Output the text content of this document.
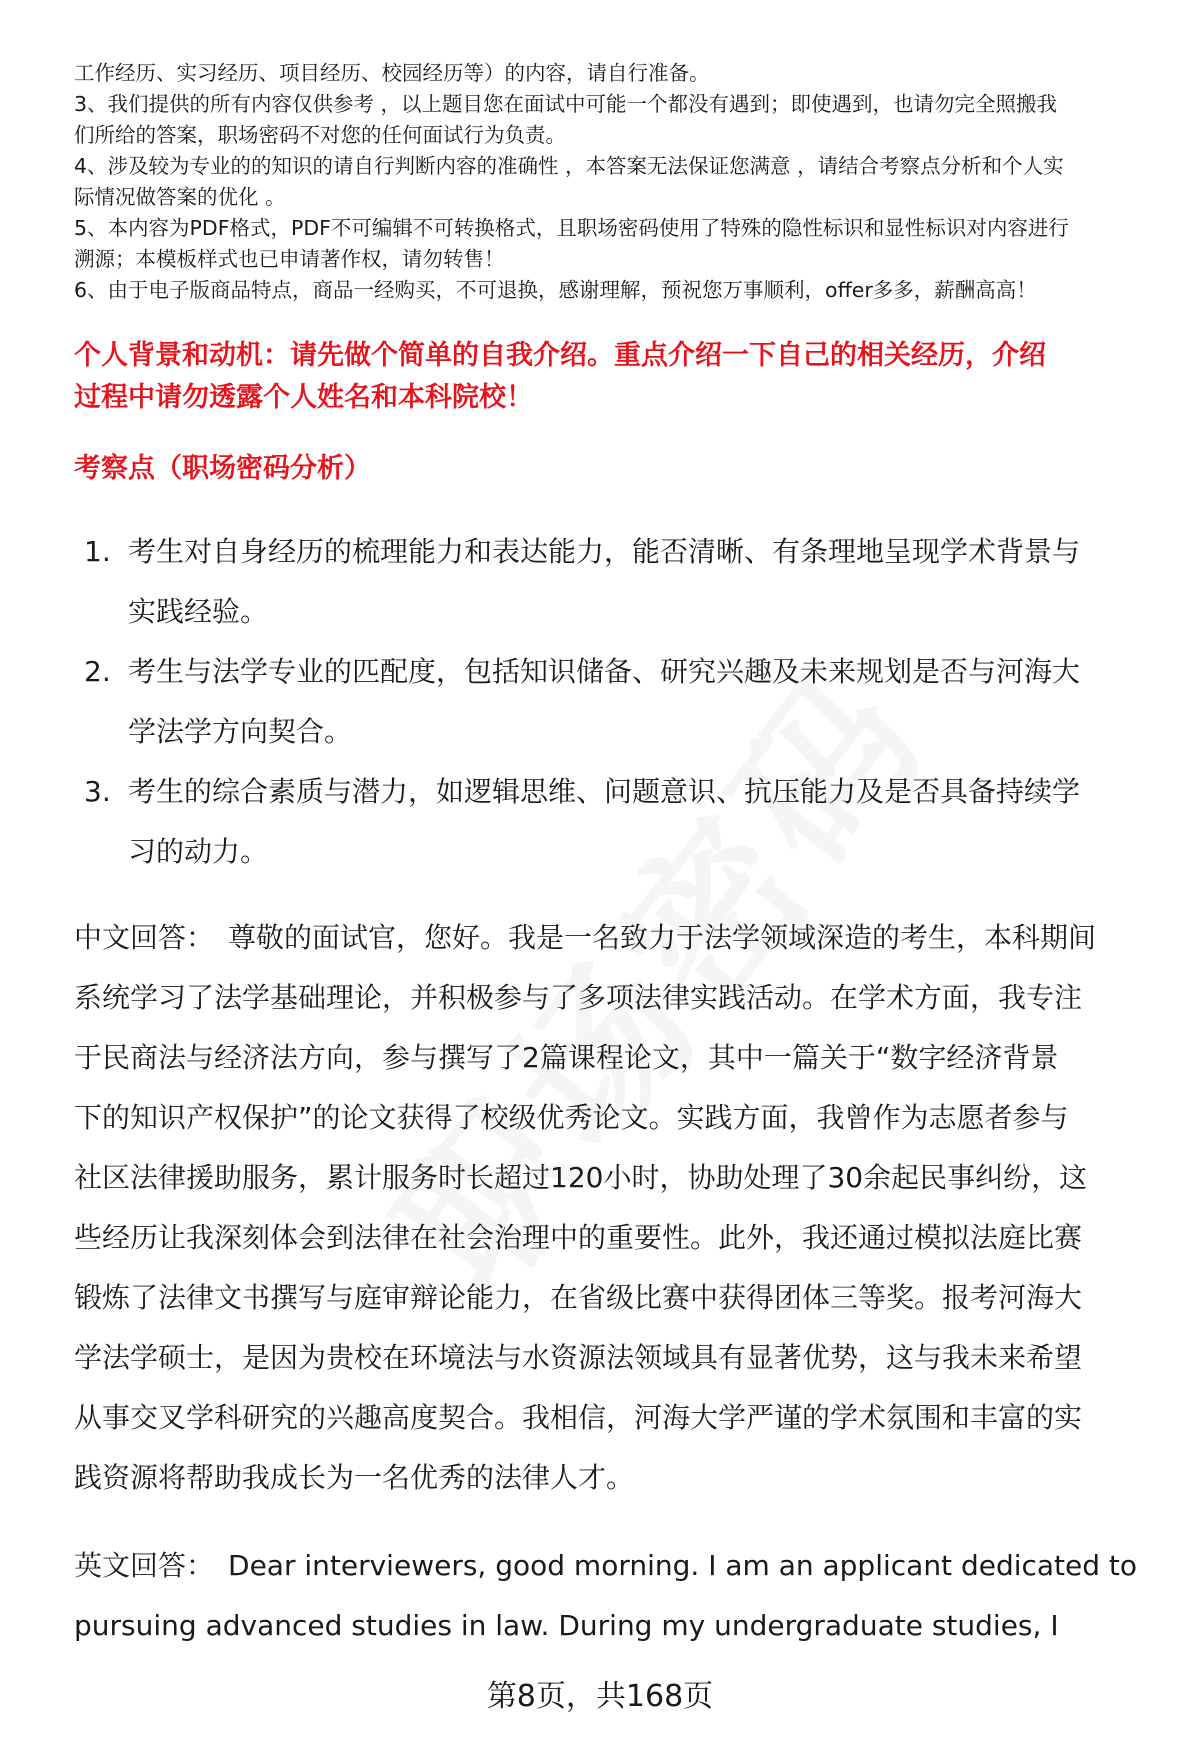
工作经历、实习经历、项目经历、校园经历等）的内容，请自行准备。

3、我们提供的所有内容仅供参考 ，以上题目您在面试中可能一个都没有遇到；即使遇到，也请勿完全照搬我

们所给的答案，职场密码不对您的任何面试行为负责。

4、涉及较为专业的的知识的请自行判断内容的准确性 ，本答案无法保证您满意 ，请结合考察点分析和个人实

际情况做答案的优化 。

5、本内容为PDF格式，PDF不可编辑不可转换格式，且职场密码使用了特殊的隐性标识和显性标识对内容进行

溯源；本模板样式也已申请著作权，请勿转售！

6、由于电子版商品特点，商品一经购买，不可退换，感谢理解，预祝您万事顺利，offer多多，薪酬高高！

个人背景和动机：请先做个简单的自我介绍。重点介绍一下自己的相关经历，介绍
过程中请勿透露个人姓名和本科院校！
考察点（职场密码分析）
1. 考生对自身经历的梳理能力和表达能力，能否清晰、有条理地呈现学术背景与
实践经验。
2. 考生与法学专业的匹配度，包括知识储备、研究兴趣及未来规划是否与河海大
学法学方向契合。
3. 考生的综合素质与潜力，如逻辑思维、问题意识、抗压能力及是否具备持续学
习的动力。
中文回答： 尊敬的面试官，您好。我是一名致力于法学领域深造的考生，本科期间
系统学习了法学基础理论，并积极参与了多项法律实践活动。在学术方面，我专注
于民商法与经济法方向，参与撰写了2篇课程论文，其中一篇关于“数字经济背景
下的知识产权保护”的论文获得了校级优秀论文。实践方面，我曾作为志愿者参与
社区法律援助服务，累计服务时长超过120小时，协助处理了30余起民事纠纷，这
些经历让我深刻体会到法律在社会治理中的重要性。此外，我还通过模拟法庭比赛
锻炼了法律文书撰写与庭审辩论能力，在省级比赛中获得团体三等奖。报考河海大
学法学硕士，是因为贵校在环境法与水资源法领域具有显著优势，这与我未来希望
从事交叉学科研究的兴趣高度契合。我相信，河海大学严谨的学术氛围和丰富的实
践资源将帮助我成长为一名优秀的法律人才。
英文回答： Dear interviewers, good morning. I am an applicant dedicated to
pursuing advanced studies in law. During my undergraduate studies, I
第8页，共168页
